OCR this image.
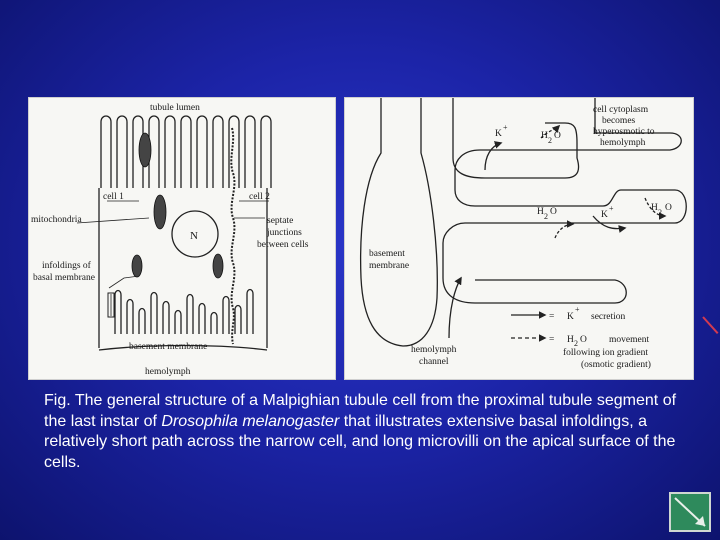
tubule lumen
cell 1	cell 2
mitochondria	septate
junctions
between cells
N
infoldings of
basal membrane
basement membrane
hemolymph
cell cytoplasm
becomes
hyperosmotic to
hemolymph
K
+
H 2 O
H 2 O	K
+	H 2 O
basement
membrane
hemolymph
channel
= K
+
secretion
= H 2 O movement
following ion gradient
(osmotic gradient)
Fig. The general structure of a Malpighian tubule cell from the proximal tubule segment of the last instar of Drosophila melanogaster that illustrates extensive basal infoldings, a relatively short path across the narrow cell, and long microvilli on the apical surface of the cells.
